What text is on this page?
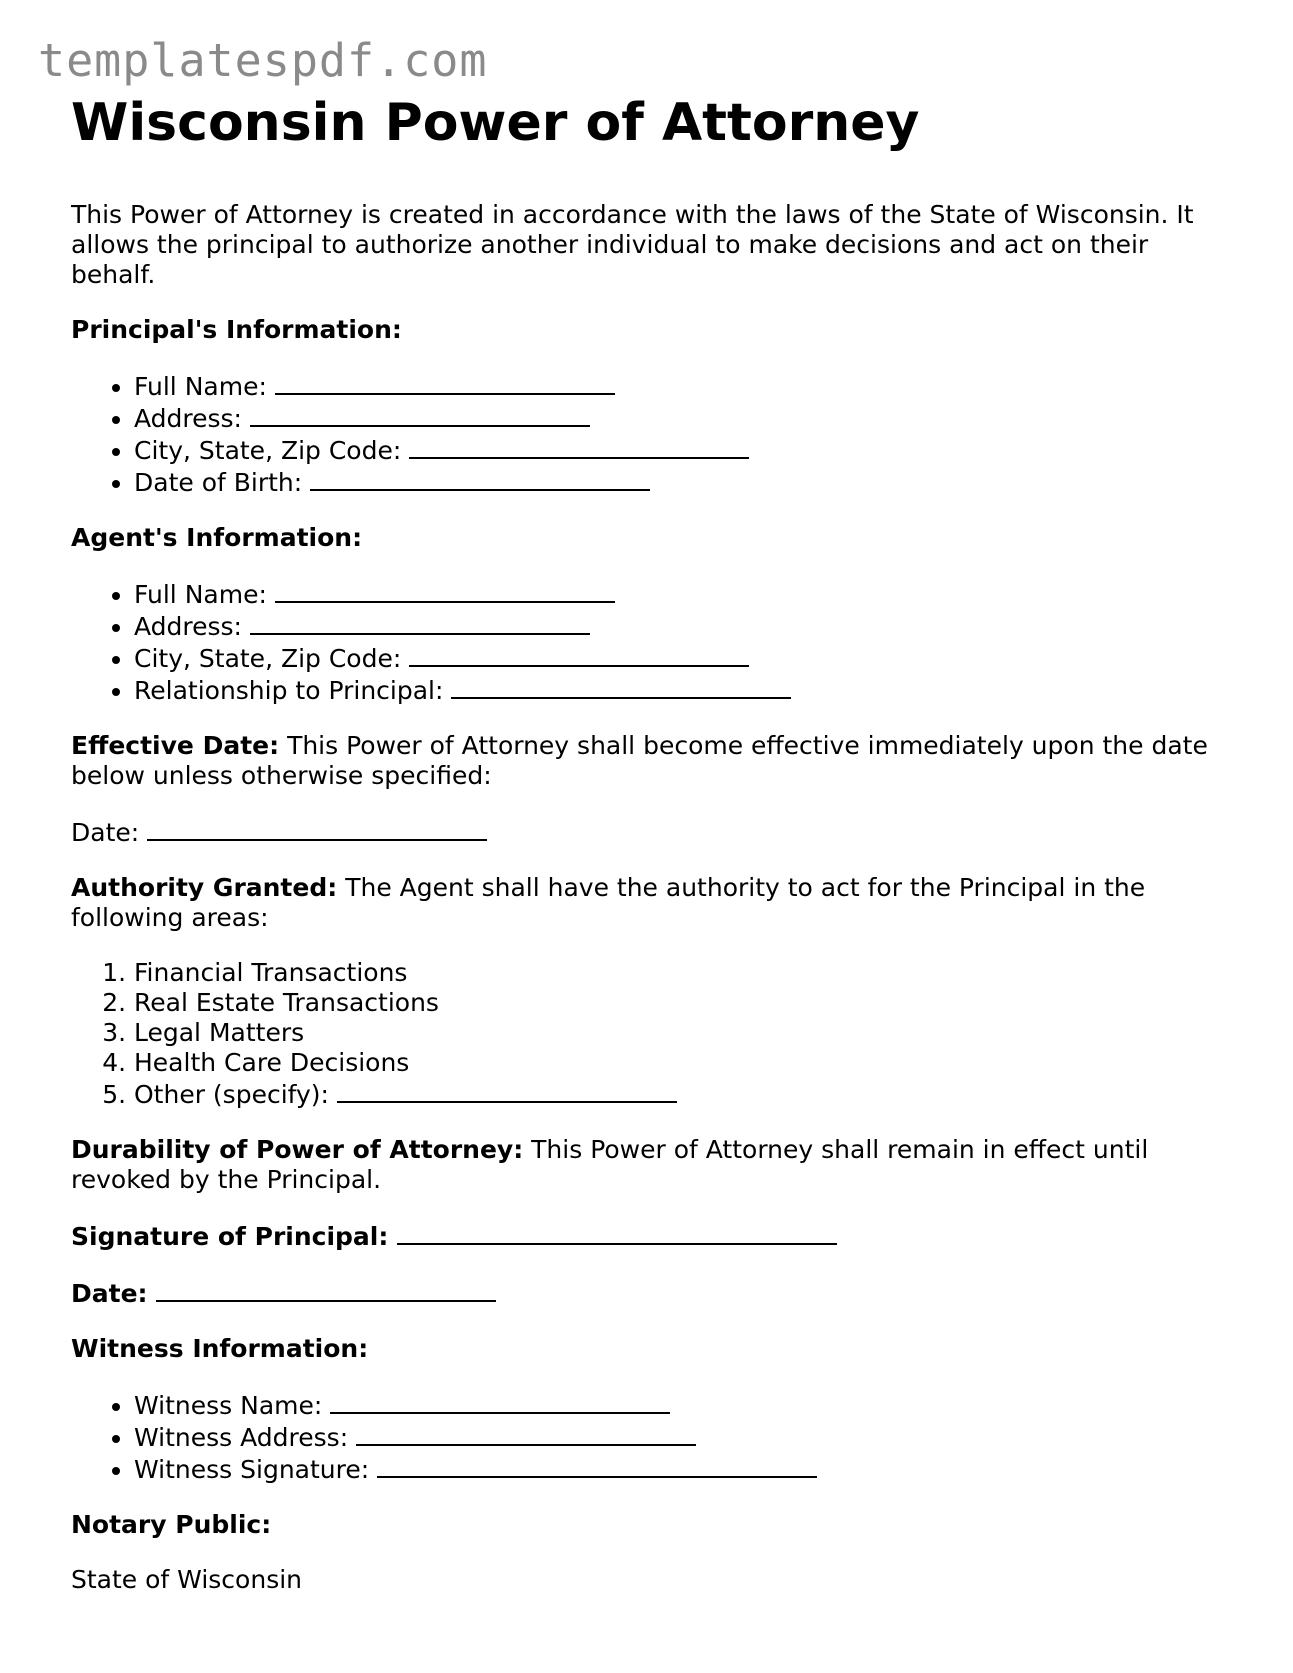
templatespdf.com
Wisconsin Power of Attorney

This Power of Attorney is created in accordance with the laws of the State of Wisconsin. It allows the principal to authorize another individual to make decisions and act on their behalf.

Principal's Information:

• Full Name:
• Address:
• City, State, Zip Code:
• Date of Birth:

Agent's Information:

• Full Name:
• Address:
• City, State, Zip Code:
• Relationship to Principal:

Effective Date: This Power of Attorney shall become effective immediately upon the date below unless otherwise specified:

Date:

Authority Granted: The Agent shall have the authority to act for the Principal in the following areas:

1. Financial Transactions
2. Real Estate Transactions
3. Legal Matters
4. Health Care Decisions
5. Other (specify):

Durability of Power of Attorney: This Power of Attorney shall remain in effect until revoked by the Principal.

Signature of Principal:

Date:

Witness Information:

• Witness Name:
• Witness Address:
• Witness Signature:

Notary Public:

State of Wisconsin
